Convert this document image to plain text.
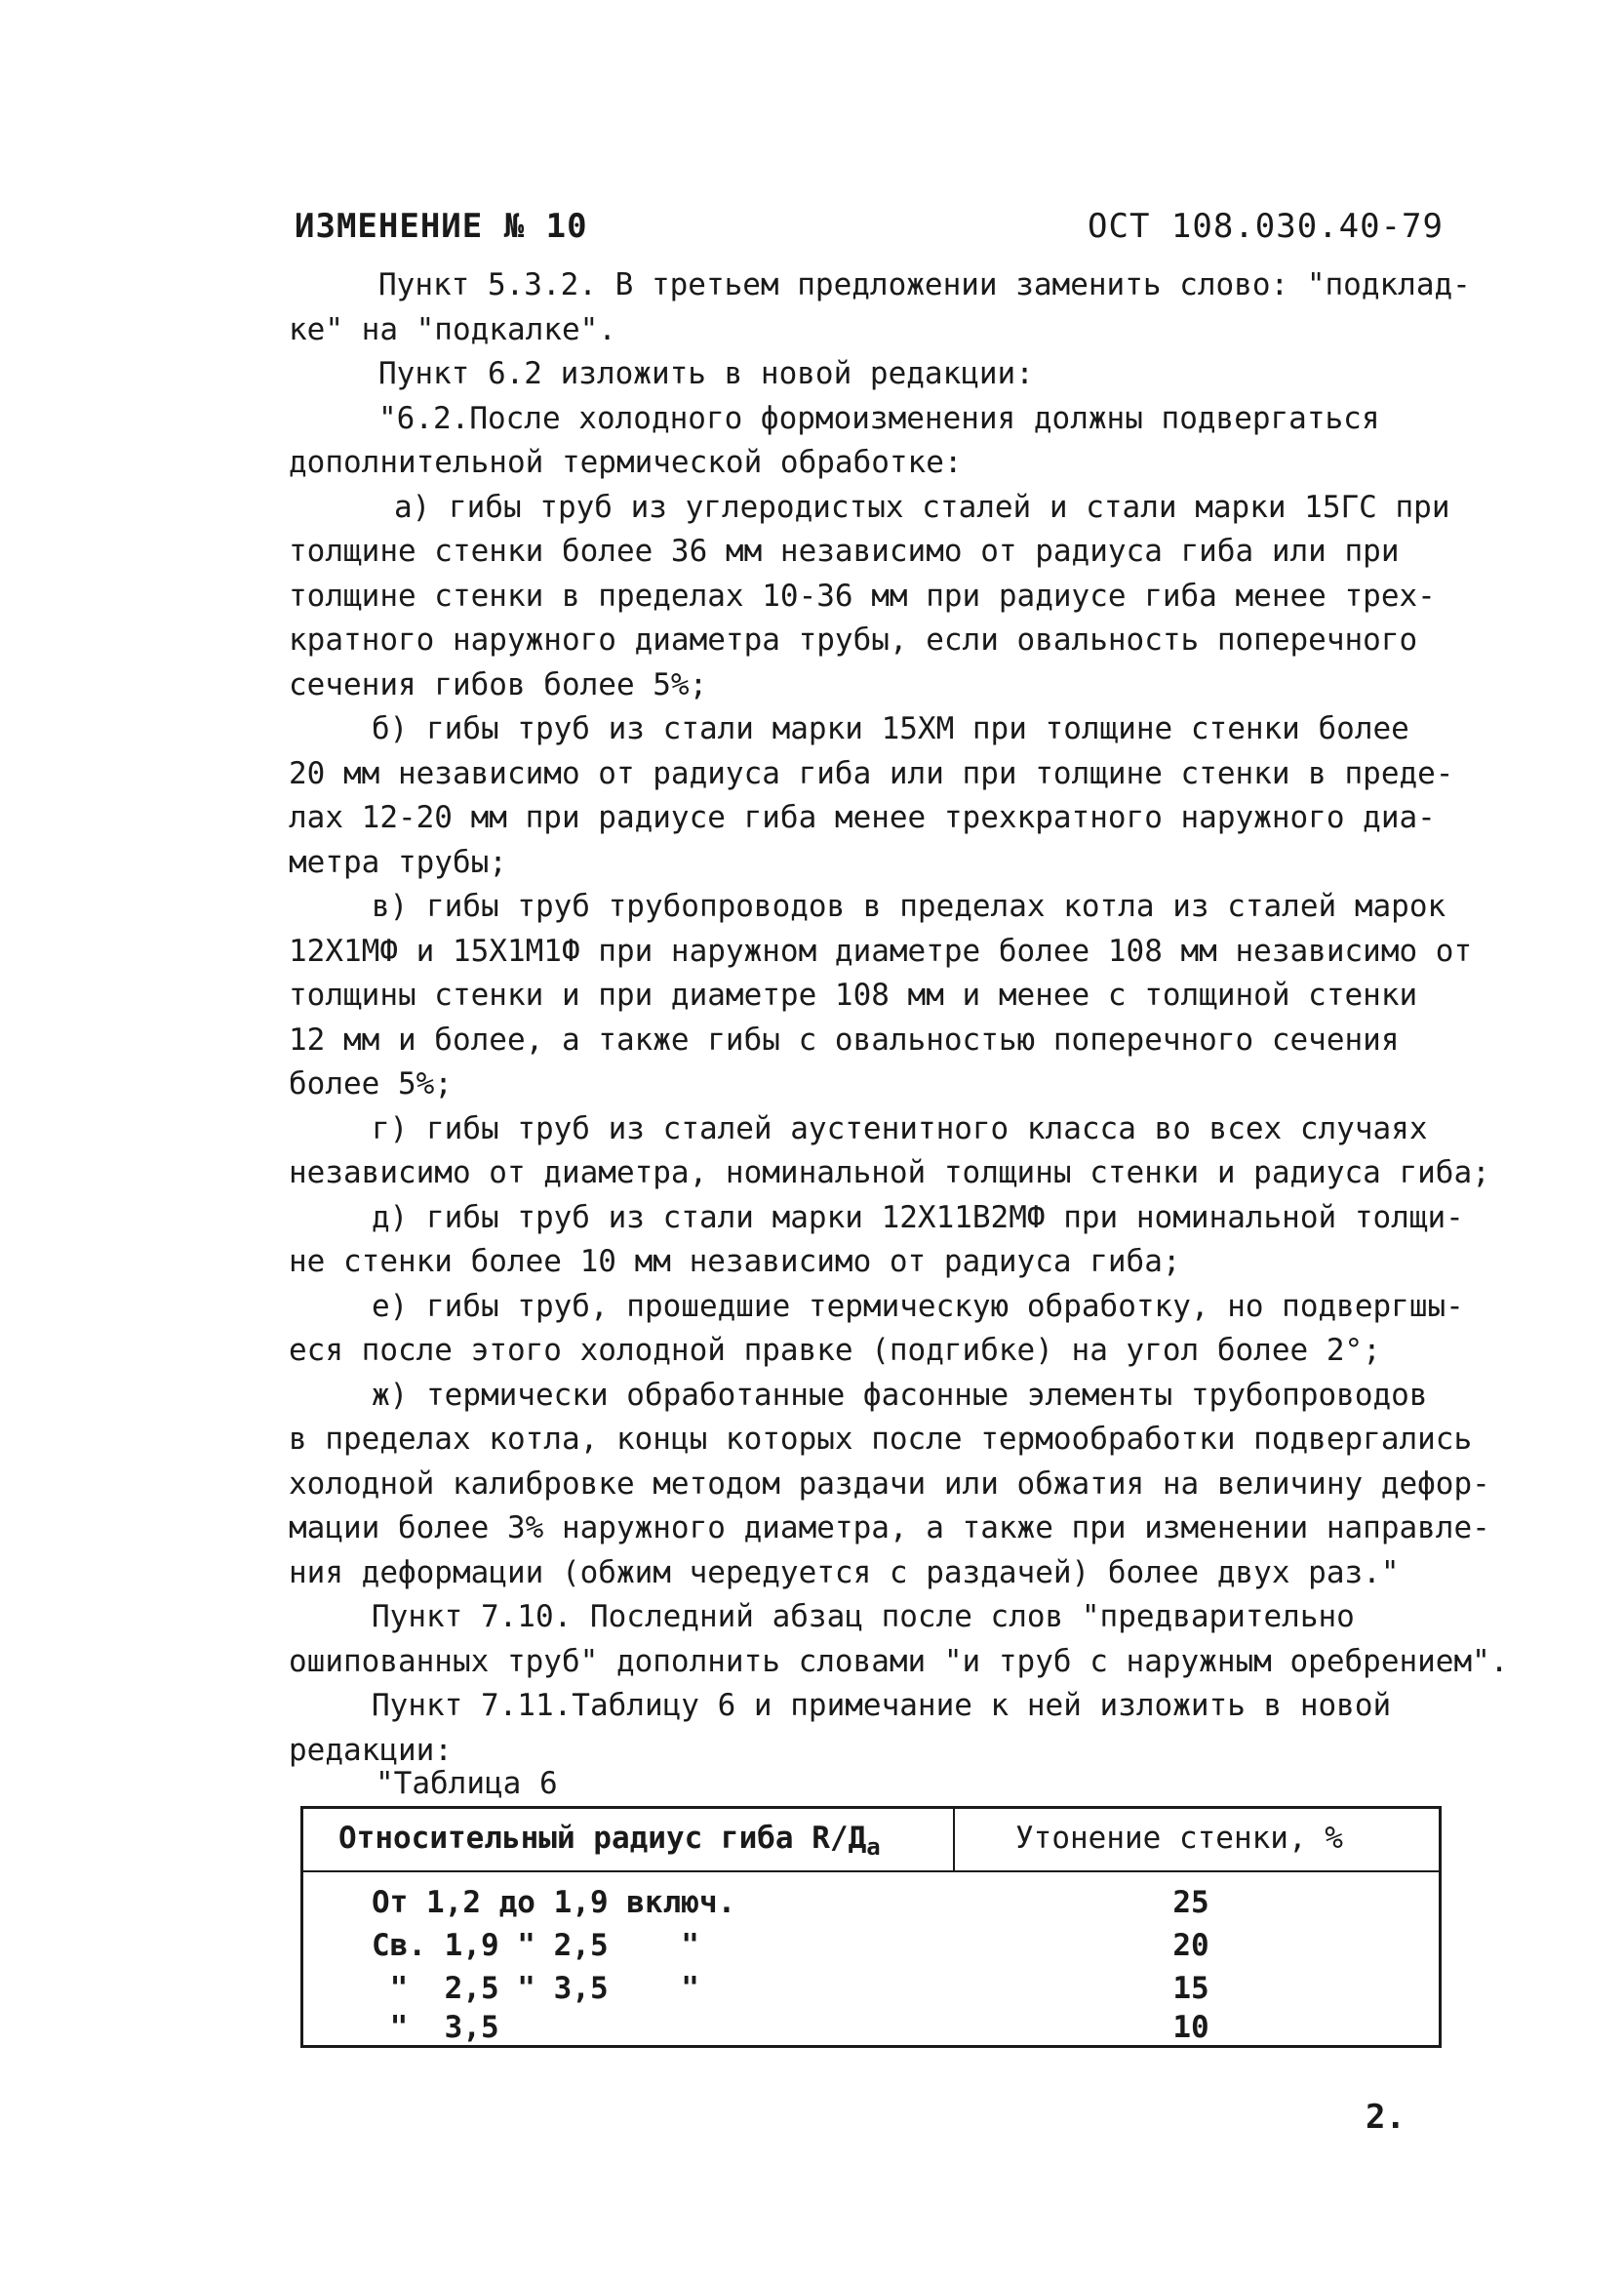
ИЗМЕНЕНИЕ № 10	ОСТ 108.030.40-79
Пункт 5.3.2. В третьем предложении заменить слово: "подклад-
ке" на "подкалке".
Пункт 6.2 изложить в новой редакции:
"6.2.После холодного формоизменения должны подвергаться
дополнительной термической обработке:
а) гибы труб из углеродистых сталей и стали марки 15ГС при
толщине стенки более 36 мм независимо от радиуса гиба или при
толщине стенки в пределах 10-36 мм при радиусе гиба менее трех-
кратного наружного диаметра трубы, если овальность поперечного
сечения гибов более 5%;
б) гибы труб из стали марки 15ХМ при толщине стенки более
20 мм независимо от радиуса гиба или при толщине стенки в преде-
лах 12-20 мм при радиусе гиба менее трехкратного наружного диа-
метра трубы;
в) гибы труб трубопроводов в пределах котла из сталей марок
12Х1МФ и 15Х1М1Ф при наружном диаметре более 108 мм независимо от
толщины стенки и при диаметре 108 мм и менее с толщиной стенки
12 мм и более, а также гибы с овальностью поперечного сечения
более 5%;
г) гибы труб из сталей аустенитного класса во всех случаях
независимо от диаметра, номинальной толщины стенки и радиуса гиба;
д) гибы труб из стали марки 12Х11В2МФ при номинальной толщи-
не стенки более 10 мм независимо от радиуса гиба;
е) гибы труб, прошедшие термическую обработку, но подвергшы-
еся после этого холодной правке (подгибке) на угол более 2°;
ж) термически обработанные фасонные элементы трубопроводов
в пределах котла, концы которых после термообработки подвергались
холодной калибровке методом раздачи или обжатия на величину дефор-
мации более 3% наружного диаметра, а также при изменении направле-
ния деформации (обжим чередуется с раздачей) более двух раз."
Пункт 7.10. Последний абзац после слов "предварительно
ошипованных труб" дополнить словами "и труб с наружным оребрением".
Пункт 7.11.Таблицу 6 и примечание к ней изложить в новой
редакции:
"Таблица 6
Относительный радиус гиба $R/Д_а$	Утонение стенки, %
От 1,2 до 1,9 включ.	25
Св. 1,9 " 2,5    "	20
"  2,5 " 3,5    "	15
"  3,5	10
2.
